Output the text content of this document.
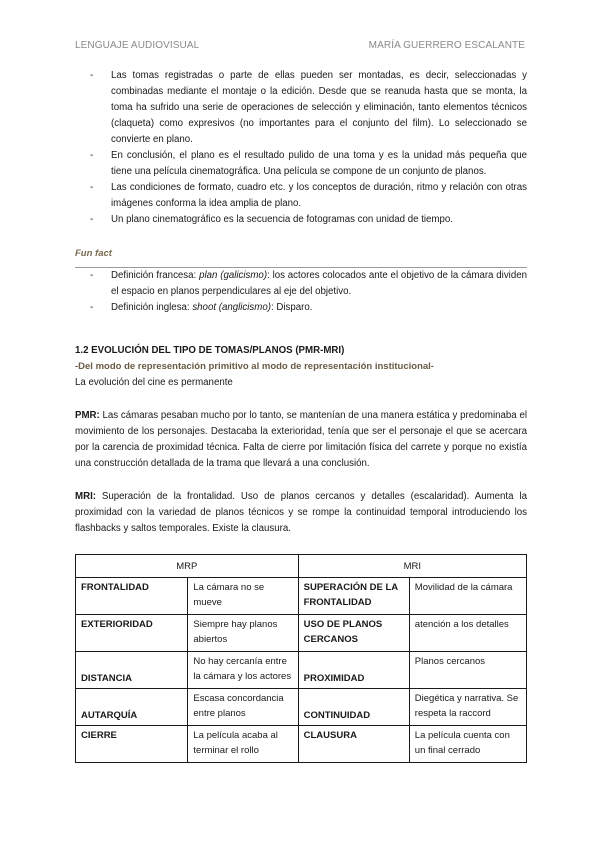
LENGUAJE AUDIOVISUAL	MARÍA GUERRERO ESCALANTE
- Las tomas registradas o parte de ellas pueden ser montadas, es decir, seleccionadas y combinadas mediante el montaje o la edición. Desde que se reanuda hasta que se monta, la toma ha sufrido una serie de operaciones de selección y eliminación, tanto elementos técnicos (claqueta) como expresivos (no importantes para el conjunto del film). Lo seleccionado se convierte en plano.
- En conclusión, el plano es el resultado pulido de una toma y es la unidad más pequeña que tiene una película cinematográfica. Una película se compone de un conjunto de planos.
- Las condiciones de formato, cuadro etc. y los conceptos de duración, ritmo y relación con otras imágenes conforma la idea amplia de plano.
- Un plano cinematográfico es la secuencia de fotogramas con unidad de tiempo.
Fun fact
- Definición francesa: plan (galicismo): los actores colocados ante el objetivo de la cámara dividen el espacio en planos perpendiculares al eje del objetivo.
- Definición inglesa: shoot (anglicismo): Disparo.
1.2 EVOLUCIÓN DEL TIPO DE TOMAS/PLANOS (PMR-MRI)
-Del modo de representación primitivo al modo de representación institucional-
La evolución del cine es permanente
PMR: Las cámaras pesaban mucho por lo tanto, se mantenían de una manera estática y predominaba el movimiento de los personajes. Destacaba la exterioridad, tenía que ser el personaje el que se acercara por la carencia de proximidad técnica. Falta de cierre por limitación física del carrete y porque no existía una construcción detallada de la trama que llevará a una conclusión.
MRI: Superación de la frontalidad. Uso de planos cercanos y detalles (escalaridad). Aumenta la proximidad con la variedad de planos técnicos y se rompe la continuidad temporal introduciendo los flashbacks y saltos temporales. Existe la clausura.
MRP		MRI	
FRONTALIDAD	La cámara no se mueve	SUPERACIÓN DE LA FRONTALIDAD	Movilidad de la cámara
EXTERIORIDAD	Siempre hay planos abiertos	USO DE PLANOS CERCANOS	atención a los detalles
DISTANCIA	No hay cercanía entre la cámara y los actores	PROXIMIDAD	Planos cercanos
AUTARQUÍA	Escasa concordancia entre planos	CONTINUIDAD	Diegética y narrativa. Se respeta la raccord
CIERRE	La película acaba al terminar el rollo	CLAUSURA	La película cuenta con un final cerrado
